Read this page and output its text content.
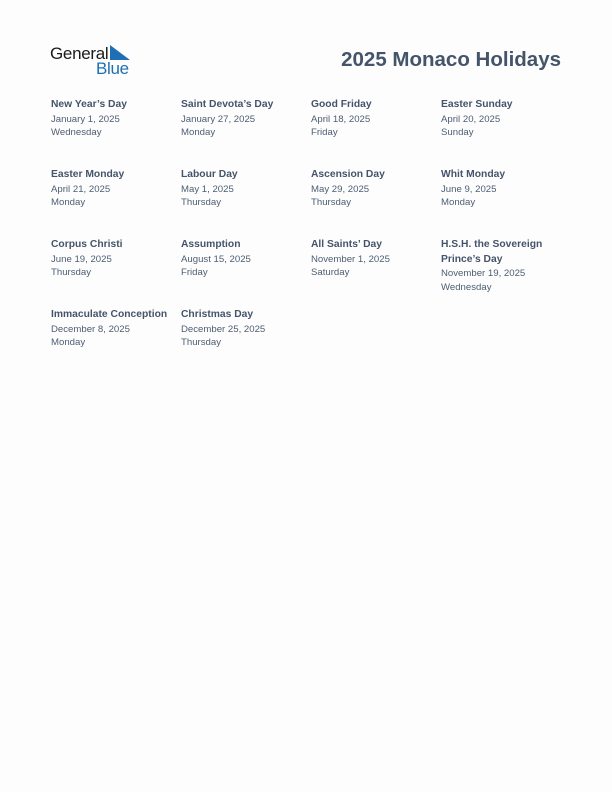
General
Blue	2025 Monaco Holidays
New Year’s Day
January 1, 2025
Wednesday
Saint Devota’s Day
January 27, 2025
Monday
Good Friday
April 18, 2025
Friday
Easter Sunday
April 20, 2025
Sunday
Easter Monday
April 21, 2025
Monday
Labour Day
May 1, 2025
Thursday
Ascension Day
May 29, 2025
Thursday
Whit Monday
June 9, 2025
Monday
Corpus Christi
June 19, 2025
Thursday
Assumption
August 15, 2025
Friday
All Saints’ Day
November 1, 2025
Saturday
H.S.H. the Sovereign Prince’s Day
November 19, 2025
Wednesday
Immaculate Conception
December 8, 2025
Monday
Christmas Day
December 25, 2025
Thursday
